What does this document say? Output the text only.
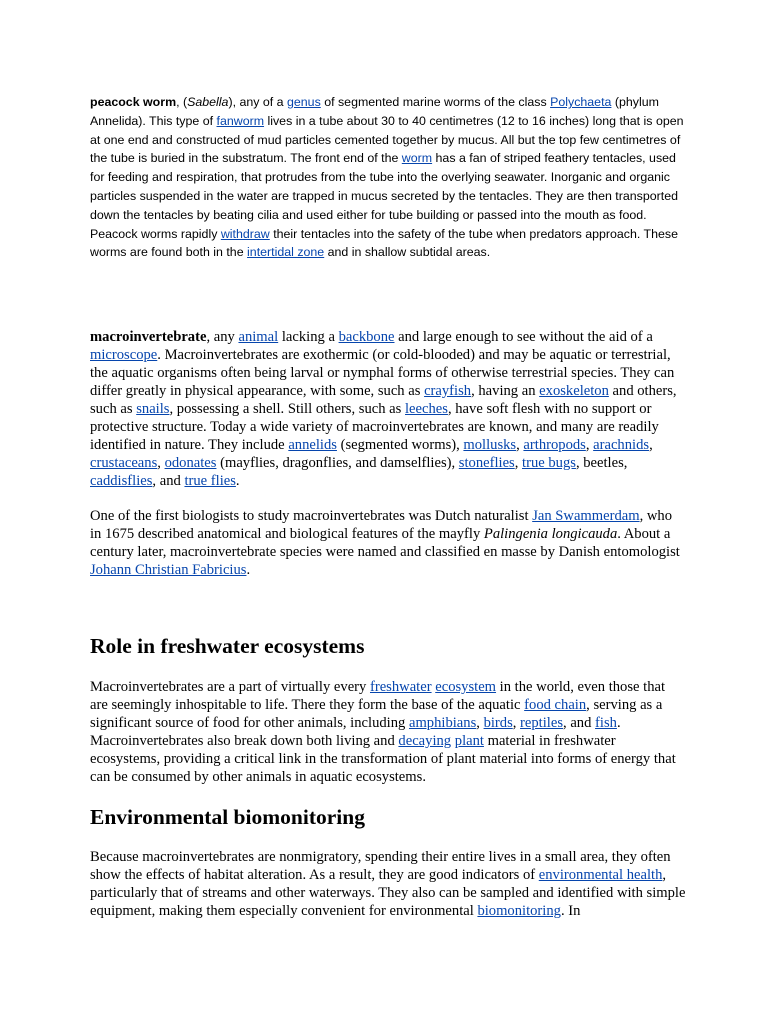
peacock worm, (Sabella), any of a genus of segmented marine worms of the class Polychaeta (phylum Annelida). This type of fanworm lives in a tube about 30 to 40 centimetres (12 to 16 inches) long that is open at one end and constructed of mud particles cemented together by mucus. All but the top few centimetres of the tube is buried in the substratum. The front end of the worm has a fan of striped feathery tentacles, used for feeding and respiration, that protrudes from the tube into the overlying seawater. Inorganic and organic particles suspended in the water are trapped in mucus secreted by the tentacles. They are then transported down the tentacles by beating cilia and used either for tube building or passed into the mouth as food. Peacock worms rapidly withdraw their tentacles into the safety of the tube when predators approach. These worms are found both in the intertidal zone and in shallow subtidal areas.

macroinvertebrate, any animal lacking a backbone and large enough to see without the aid of a microscope. Macroinvertebrates are exothermic (or cold-blooded) and may be aquatic or terrestrial, the aquatic organisms often being larval or nymphal forms of otherwise terrestrial species. They can differ greatly in physical appearance, with some, such as crayfish, having an exoskeleton and others, such as snails, possessing a shell. Still others, such as leeches, have soft flesh with no support or protective structure. Today a wide variety of macroinvertebrates are known, and many are readily identified in nature. They include annelids (segmented worms), mollusks, arthropods, arachnids, crustaceans, odonates (mayflies, dragonflies, and damselflies), stoneflies, true bugs, beetles, caddisflies, and true flies.

One of the first biologists to study macroinvertebrates was Dutch naturalist Jan Swammerdam, who in 1675 described anatomical and biological features of the mayfly Palingenia longicauda. About a century later, macroinvertebrate species were named and classified en masse by Danish entomologist Johann Christian Fabricius.

Role in freshwater ecosystems

Macroinvertebrates are a part of virtually every freshwater ecosystem in the world, even those that are seemingly inhospitable to life. There they form the base of the aquatic food chain, serving as a significant source of food for other animals, including amphibians, birds, reptiles, and fish. Macroinvertebrates also break down both living and decaying plant material in freshwater ecosystems, providing a critical link in the transformation of plant material into forms of energy that can be consumed by other animals in aquatic ecosystems.

Environmental biomonitoring

Because macroinvertebrates are nonmigratory, spending their entire lives in a small area, they often show the effects of habitat alteration. As a result, they are good indicators of environmental health, particularly that of streams and other waterways. They also can be sampled and identified with simple equipment, making them especially convenient for environmental biomonitoring. In
